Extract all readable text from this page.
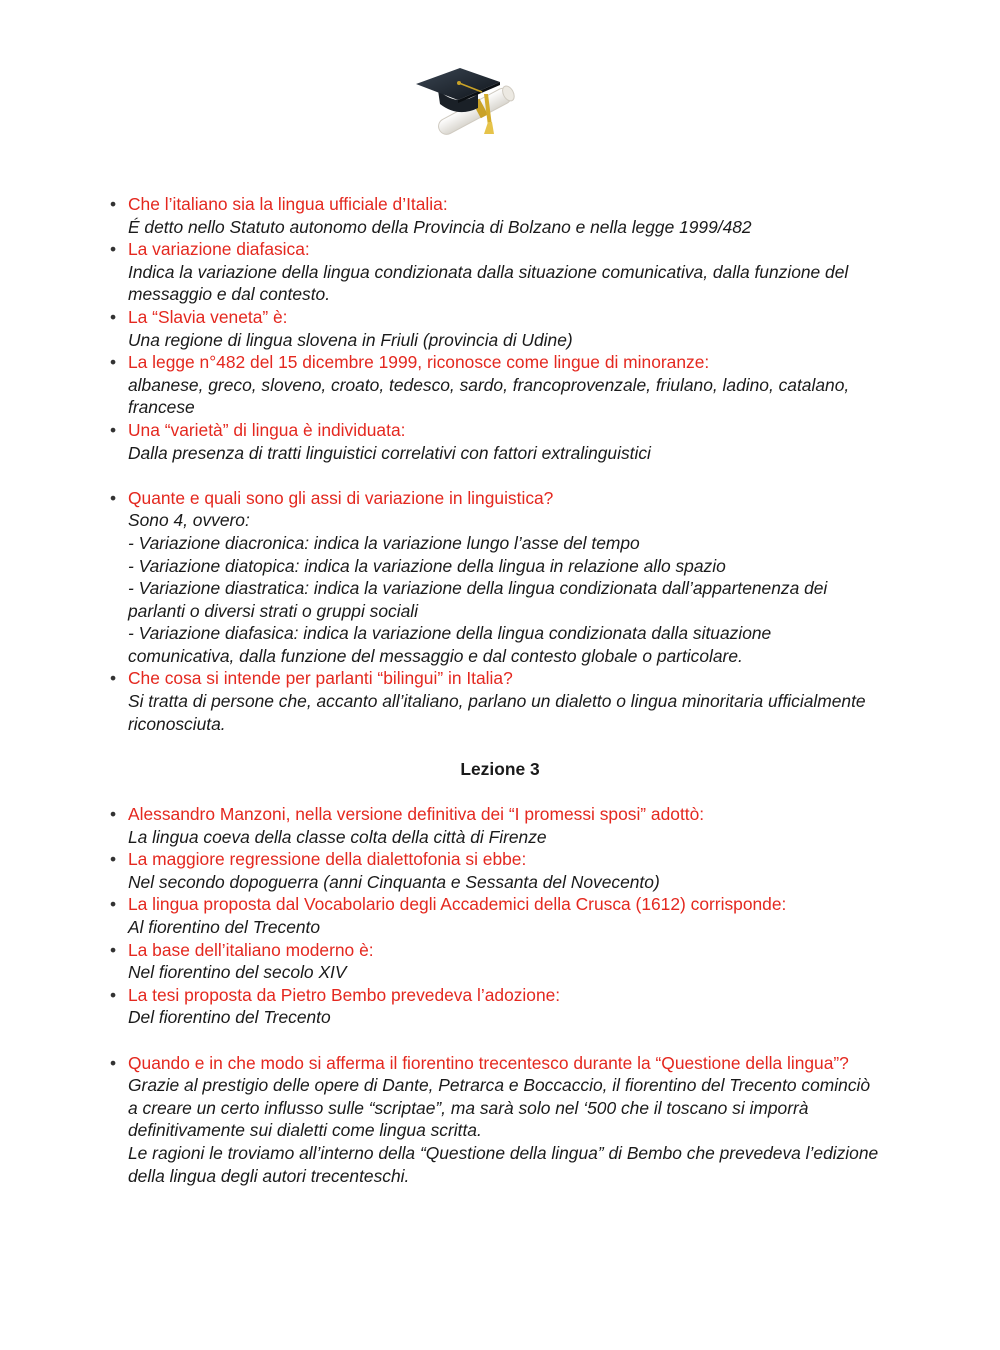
• Che l’italiano sia la lingua ufficiale d’Italia:
É detto nello Statuto autonomo della Provincia di Bolzano e nella legge 1999/482
• La variazione diafasica:
Indica la variazione della lingua condizionata dalla situazione comunicativa, dalla funzione del messaggio e dal contesto.
• La “Slavia veneta” è:
Una regione di lingua slovena in Friuli (provincia di Udine)
• La legge n°482 del 15 dicembre 1999, riconosce come lingue di minoranze:
albanese, greco, sloveno, croato, tedesco, sardo, francoprovenzale, friulano, ladino, catalano, francese
• Una “varietà” di lingua è individuata:
Dalla presenza di tratti linguistici correlativi con fattori extralinguistici
• Quante e quali sono gli assi di variazione in linguistica?
Sono 4, ovvero:
- Variazione diacronica: indica la variazione lungo l’asse del tempo
- Variazione diatopica: indica la variazione della lingua in relazione allo spazio
- Variazione diastratica: indica la variazione della lingua condizionata dall’appartenenza dei parlanti o diversi strati o gruppi sociali
- Variazione diafasica: indica la variazione della lingua condizionata dalla situazione comunicativa, dalla funzione del messaggio e dal contesto globale o particolare.
• Che cosa si intende per parlanti “bilingui” in Italia?
Si tratta di persone che, accanto all’italiano, parlano un dialetto o lingua minoritaria ufficialmente riconosciuta.
Lezione 3
• Alessandro Manzoni, nella versione definitiva dei “I promessi sposi” adottò:
La lingua coeva della classe colta della città di Firenze
• La maggiore regressione della dialettofonia si ebbe:
Nel secondo dopoguerra (anni Cinquanta e Sessanta del Novecento)
• La lingua proposta dal Vocabolario degli Accademici della Crusca (1612) corrisponde:
Al fiorentino del Trecento
• La base dell’italiano moderno è:
Nel fiorentino del secolo XIV
• La tesi proposta da Pietro Bembo prevedeva l’adozione:
Del fiorentino del Trecento
• Quando e in che modo si afferma il fiorentino trecentesco durante la “Questione della lingua”?
Grazie al prestigio delle opere di Dante, Petrarca e Boccaccio, il fiorentino del Trecento cominciò a creare un certo influsso sulle “scriptae”, ma sarà solo nel ‘500 che il toscano si imporrà definitivamente sui dialetti come lingua scritta.
Le ragioni le troviamo all’interno della “Questione della lingua” di Bembo che prevedeva l’edizione della lingua degli autori trecenteschi.
